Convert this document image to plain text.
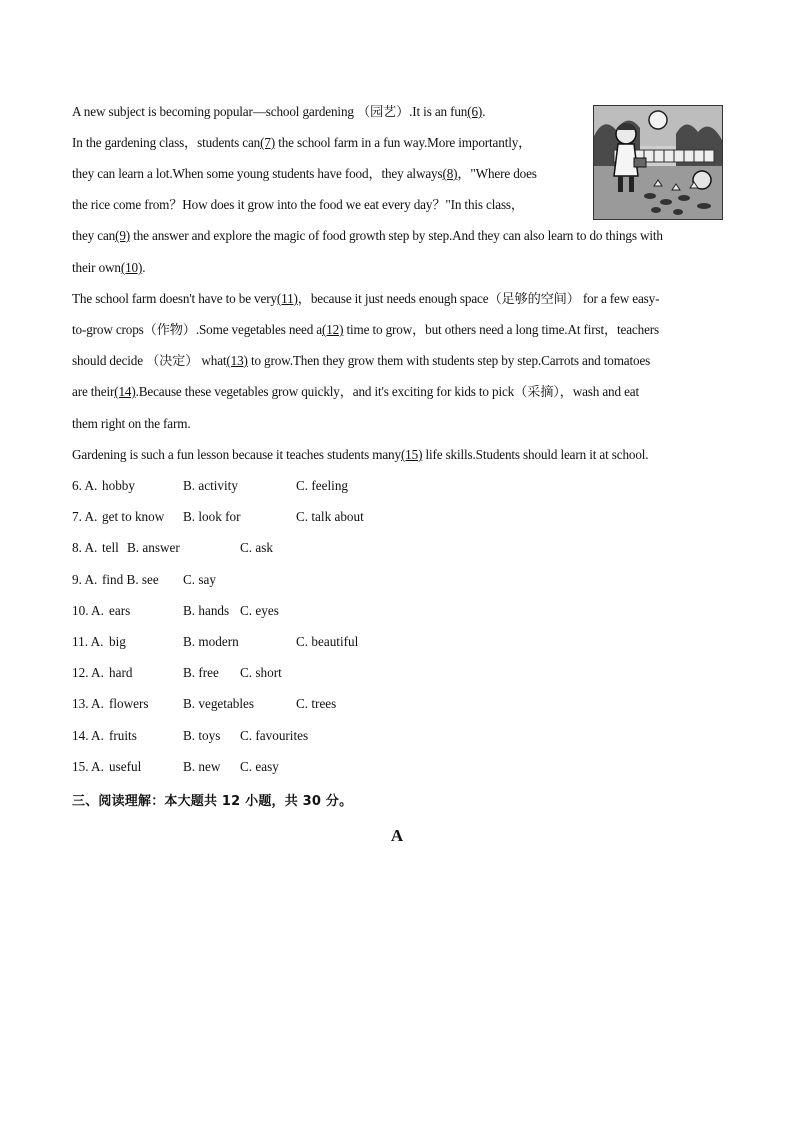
A new subject is becoming popular—school gardening （园艺）.It is an fun(6).
In the gardening class，students can(7) the school farm in a fun way.More importantly，
they can learn a lot.When some young students have food，they always(8)，"Where does
the rice come from？How does it grow into the food we eat every day？"In this class，
they can(9) the answer and explore the magic of food growth step by step.And they can also learn to do things with
their own(10).
The school farm doesn't have to be very(11)，because it just needs enough space（足够的空间） for a few easy-
to-grow crops（作物）.Some vegetables need a(12) time to grow，but others need a long time.At first，teachers
should decide （决定） what(13) to grow.Then they grow them with students step by step.Carrots and tomatoes
are their(14).Because these vegetables grow quickly，and it's exciting for kids to pick（采摘），wash and eat
them right on the farm.
Gardening is such a fun lesson because it teaches students many(15) life skills.Students should learn it at school.
6. A. hobby	B. activity	C. feeling
7. A. get to know B. look for	C. talk about
8. A. tell B. answer	C. ask
9. A. find B. see C. say
10. A. ears	B. hands C. eyes
11. A. big	B. modern	C. beautiful
12. A. hard	B. free C. short
13. A. flowers	B. vegetables	C. trees
14. A. fruits	B. toys C. favourites
15. A. useful	B. new C. easy
三、阅读理解：本大题共 12 小题，共 30 分。
A
